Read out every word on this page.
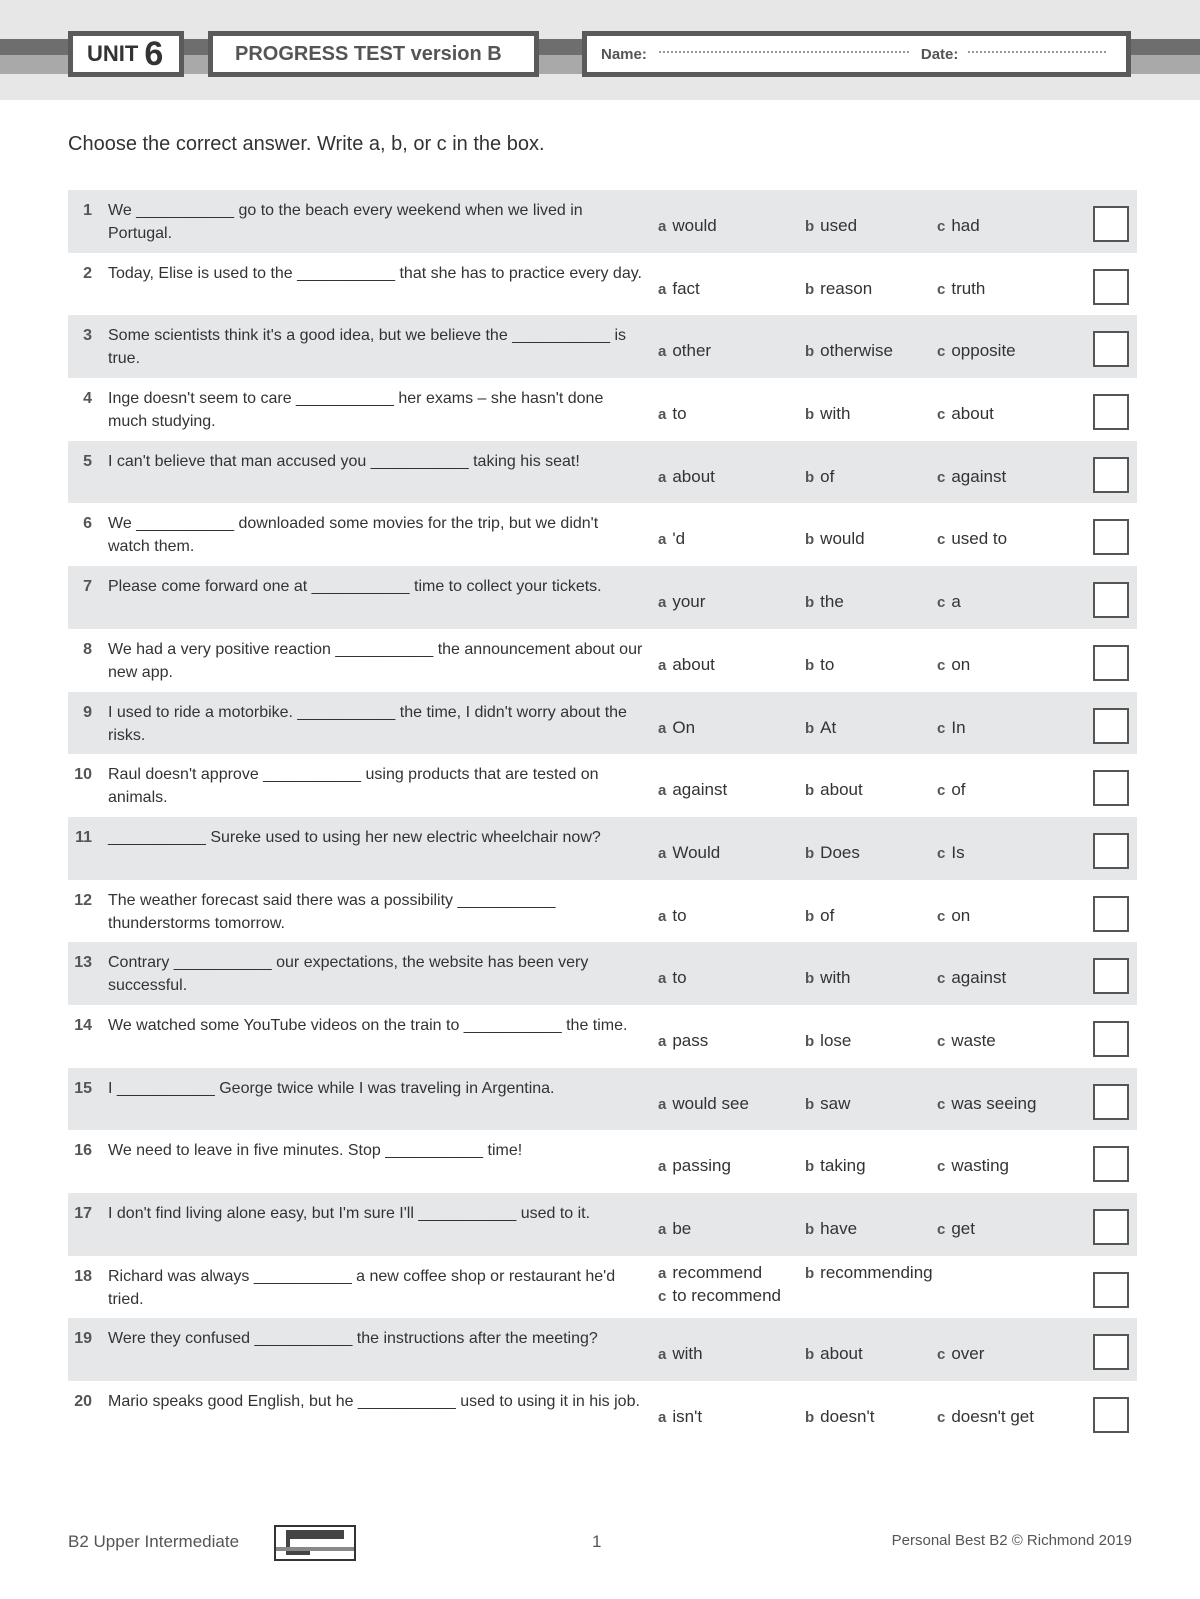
UNIT 6	PROGRESS TEST version B	Name:	Date:
Choose the correct answer. Write a, b, or c in the box.
1 We ___________ go to the beach every weekend when we lived in Portugal.	a would	b used	c had
2 Today, Elise is used to the ___________ that she has to practice every day.
a fact	b reason	c truth
3 Some scientists think it's a good idea, but we believe the ___________ is true.	a other	b otherwise	c opposite
4 Inge doesn't seem to care ___________ her exams – she hasn't done much studying.	a to	b with	c about
5 I can't believe that man accused you ___________ taking his seat!
a about	b of	c against
6 We ___________ downloaded some movies for the trip, but we didn't watch them.	a 'd	b would	c used to
7 Please come forward one at ___________ time to collect your tickets.
a your	b the	c a
8 We had a very positive reaction ___________ the announcement about our new app.	a about	b to	c on
9 I used to ride a motorbike. ___________ the time, I didn't worry about the risks.	a On	b At	c In
10 Raul doesn't approve ___________ using products that are tested on animals.	a against	b about	c of
11 ___________ Sureke used to using her new electric wheelchair now?
a Would	b Does	c Is
12 The weather forecast said there was a possibility ___________ thunderstorms tomorrow.	a to	b of	c on
13 Contrary ___________ our expectations, the website has been very successful.	a to	b with	c against
14 We watched some YouTube videos on the train to ___________ the time.
a pass	b lose	c waste
15 I ___________ George twice while I was traveling in Argentina.
a would see	b saw	c was seeing
16 We need to leave in five minutes. Stop ___________ time!
a passing	b taking	c wasting
17 I don't find living alone easy, but I'm sure I'll ___________ used to it.
a be	b have	c get
18 Richard was always ___________ a new coffee shop or restaurant he'd tried.
a recommend	b recommending
c to recommend
19 Were they confused ___________ the instructions after the meeting?
a with	b about	c over
20 Mario speaks good English, but he ___________ used to using it in his job.
a isn't	b doesn't	c doesn't get
B2 Upper Intermediate	1	Personal Best B2 © Richmond 2019
